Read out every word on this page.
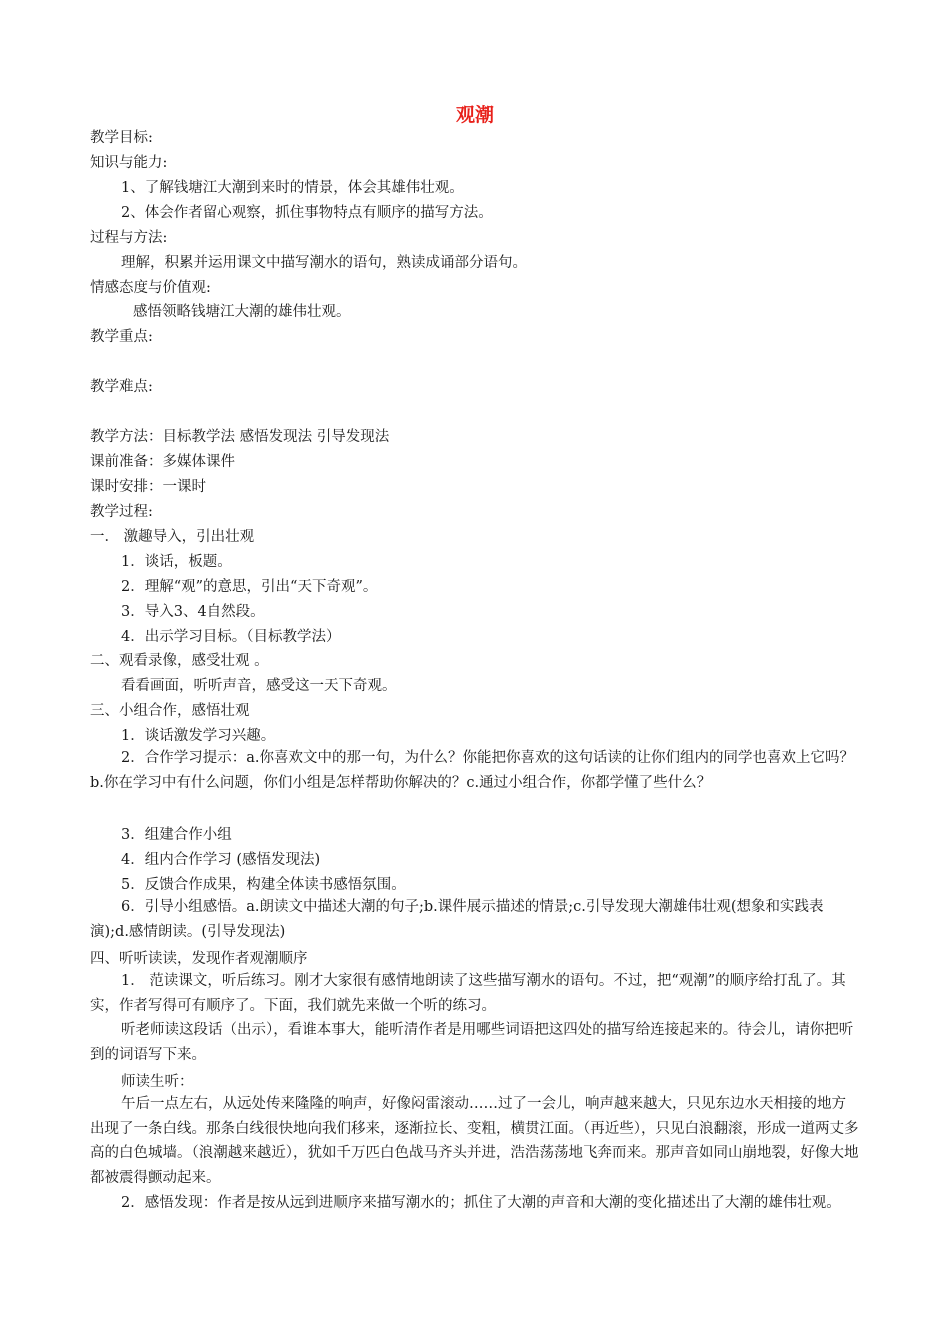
观潮
教学目标:
知识与能力:
1、了解钱塘江大潮到来时的情景，体会其雄伟壮观。
2、体会作者留心观察，抓住事物特点有顺序的描写方法。
过程与方法:
理解，积累并运用课文中描写潮水的语句，熟读成诵部分语句。
情感态度与价值观:
感悟领略钱塘江大潮的雄伟壮观。
教学重点:
教学难点:
教学方法：目标教学法 感悟发现法 引导发现法
课前准备：多媒体课件
课时安排：一课时
教学过程:
一． 激趣导入，引出壮观
1．谈话，板题。
2．理解“观”的意思，引出“天下奇观”。
3．导入3、4自然段。
4．出示学习目标。（目标教学法）
二、观看录像，感受壮观 。
看看画面，听听声音，感受这一天下奇观。
三、小组合作，感悟壮观
1．谈话激发学习兴趣。
2．合作学习提示：a.你喜欢文中的那一句，为什么？你能把你喜欢的这句话读的让你们组内的同学也喜欢上它吗？b.你在学习中有什么问题，你们小组是怎样帮助你解决的？c.通过小组合作，你都学懂了些什么？
3．组建合作小组
4．组内合作学习 (感悟发现法)
5．反馈合作成果，构建全体读书感悟氛围。
6．引导小组感悟。a.朗读文中描述大潮的句子;b.课件展示描述的情景;c.引导发现大潮雄伟壮观(想象和实践表演);d.感情朗读。(引导发现法)
四、听听读读，发现作者观潮顺序
1． 范读课文，听后练习。刚才大家很有感情地朗读了这些描写潮水的语句。不过，把“观潮”的顺序给打乱了。其实，作者写得可有顺序了。下面，我们就先来做一个听的练习。
听老师读这段话（出示），看谁本事大，能听清作者是用哪些词语把这四处的描写给连接起来的。待会儿，请你把听到的词语写下来。
师读生听：
午后一点左右，从远处传来隆隆的响声，好像闷雷滚动……过了一会儿，响声越来越大，只见东边水天相接的地方出现了一条白线。那条白线很快地向我们移来，逐渐拉长、变粗，横贯江面。（再近些），只见白浪翻滚，形成一道两丈多高的白色城墙。（浪潮越来越近），犹如千万匹白色战马齐头并进，浩浩荡荡地飞奔而来。那声音如同山崩地裂，好像大地都被震得颤动起来。
2．感悟发现：作者是按从远到进顺序来描写潮水的；抓住了大潮的声音和大潮的变化描述出了大潮的雄伟壮观。
